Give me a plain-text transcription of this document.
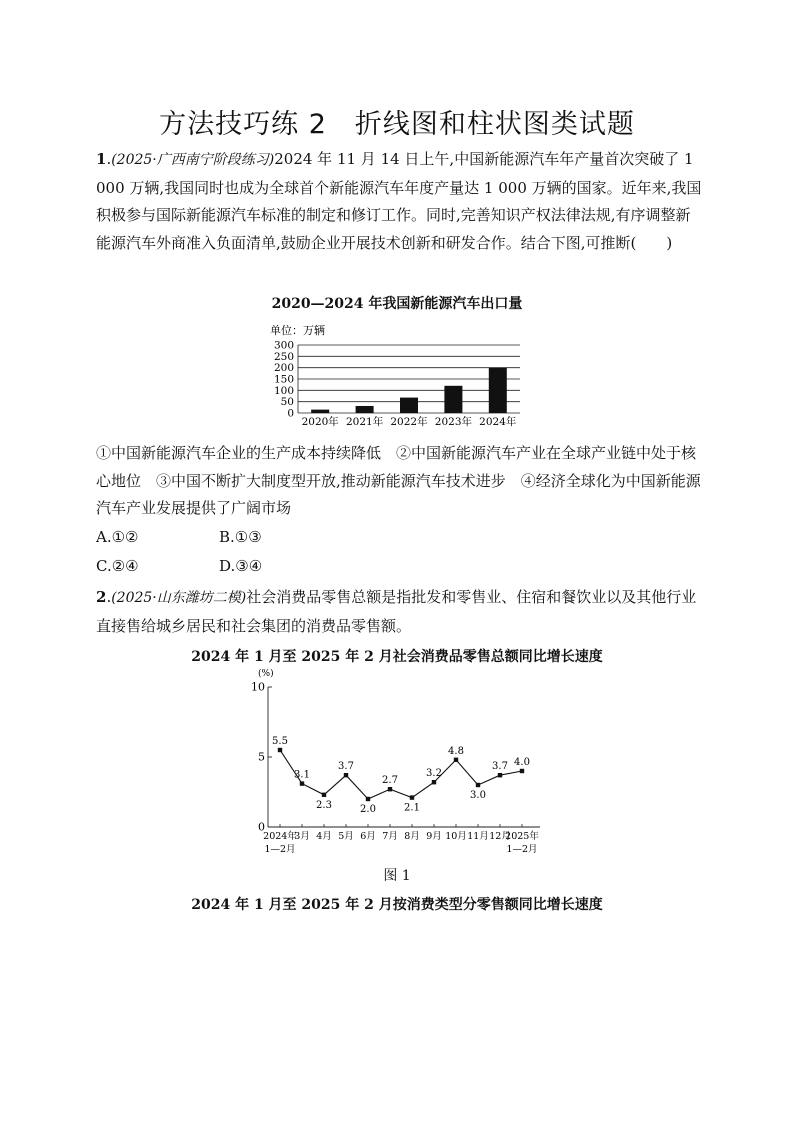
方法技巧练 2　折线图和柱状图类试题
1.(2025·广西南宁阶段练习)2024 年 11 月 14 日上午,中国新能源汽车年产量首次突破了 1 000 万辆,我国同时也成为全球首个新能源汽车年度产量达 1 000 万辆的国家。近年来,我国积极参与国际新能源汽车标准的制定和修订工作。同时,完善知识产权法律法规,有序调整新能源汽车外商准入负面清单,鼓励企业开展技术创新和研发合作。结合下图,可推断(　　)
2020—2024 年我国新能源汽车出口量
单位：万辆
0
50
100
150
200
250
300
2020年 2021年 2022年 2023年 2024年
①中国新能源汽车企业的生产成本持续降低　②中国新能源汽车产业在全球产业链中处于核心地位　③中国不断扩大制度型开放,推动新能源汽车技术进步　④经济全球化为中国新能源汽车产业发展提供了广阔市场
A.①②	B.①③
C.②④	D.③④
2.(2025·山东潍坊二模)社会消费品零售总额是指批发和零售业、住宿和餐饮业以及其他行业直接售给城乡居民和社会集团的消费品零售额。
2024 年 1 月至 2025 年 2 月社会消费品零售总额同比增长速度
(%)
0
5
10
5.5
3.1
2.3
3.7
2.0
2.7
2.1
3.2
4.8
3.0
3.7 4.0
2024年
1—2月
3月 4月 5月 6月 7月 8月 9月 10月 11月 12月
2025年
1—2月
图 1
2024 年 1 月至 2025 年 2 月按消费类型分零售额同比增长速度
